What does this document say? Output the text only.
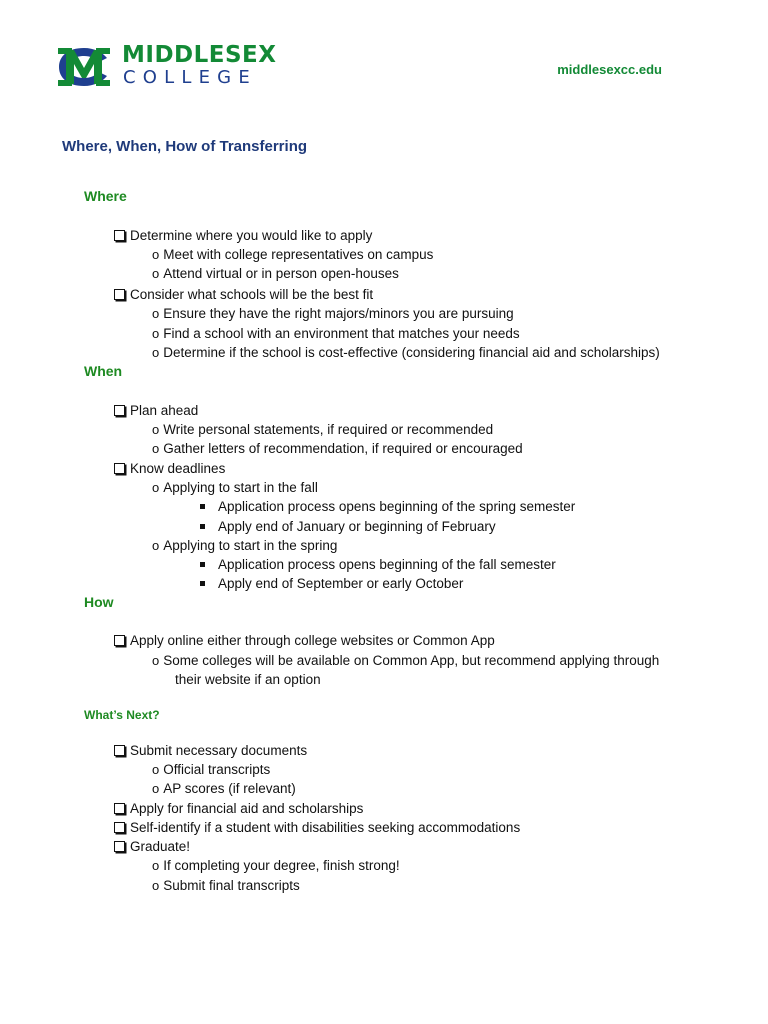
MIDDLESEX
COLLEGE	middlesexcc.edu
Where, When, How of Transferring
Where
Determine where you would like to apply
o Meet with college representatives on campus
o Attend virtual or in person open-houses
Consider what schools will be the best fit
o Ensure they have the right majors/minors you are pursuing
o Find a school with an environment that matches your needs
o Determine if the school is cost-effective (considering financial aid and scholarships)
When
Plan ahead
o Write personal statements, if required or recommended
o Gather letters of recommendation, if required or encouraged
Know deadlines
o Applying to start in the fall
Application process opens beginning of the spring semester
Apply end of January or beginning of February
o Applying to start in the spring
Application process opens beginning of the fall semester
Apply end of September or early October
How
Apply online either through college websites or Common App
o Some colleges will be available on Common App, but recommend applying through
their website if an option
What’s Next?
Submit necessary documents
o Official transcripts
o AP scores (if relevant)
Apply for financial aid and scholarships
Self-identify if a student with disabilities seeking accommodations
Graduate!
o If completing your degree, finish strong!
o Submit final transcripts
